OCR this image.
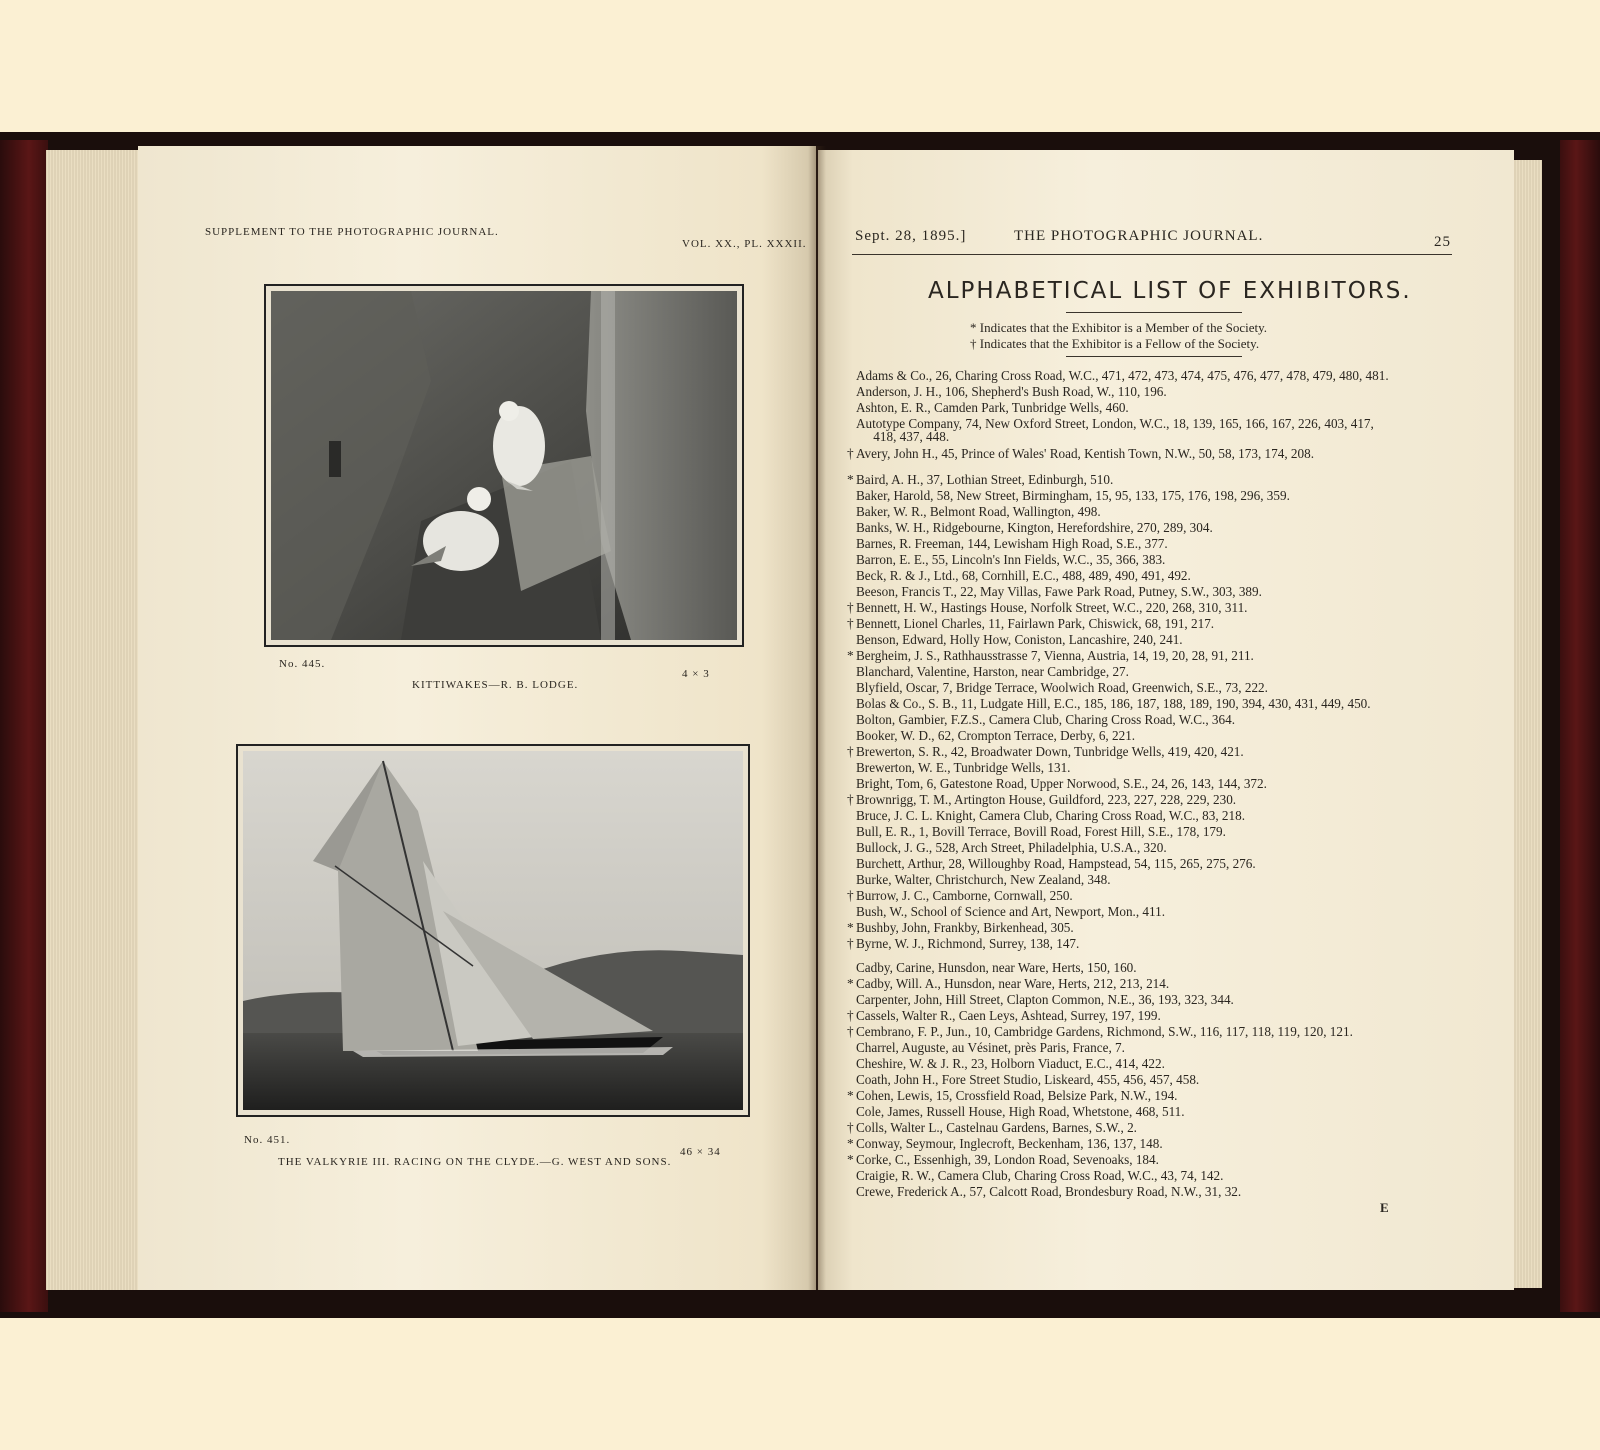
SUPPLEMENT TO THE PHOTOGRAPHIC JOURNAL.
VOL. XX., PL. XXXII.
No. 445.
KITTIWAKES—R. B. LODGE.
4 × 3
No. 451.
THE VALKYRIE III. RACING ON THE CLYDE.—G. WEST AND SONS.
46 × 34
Sept. 28, 1895.]	THE PHOTOGRAPHIC JOURNAL.	25
ALPHABETICAL LIST OF EXHIBITORS.
* Indicates that the Exhibitor is a Member of the Society.
† Indicates that the Exhibitor is a Fellow of the Society.
Adams & Co., 26, Charing Cross Road, W.C., 471, 472, 473, 474, 475, 476, 477, 478, 479, 480, 481.
Anderson, J. H., 106, Shepherd's Bush Road, W., 110, 196.
Ashton, E. R., Camden Park, Tunbridge Wells, 460.
Autotype Company, 74, New Oxford Street, London, W.C., 18, 139, 165, 166, 167, 226, 403, 417,
418, 437, 448.
† Avery, John H., 45, Prince of Wales' Road, Kentish Town, N.W., 50, 58, 173, 174, 208.
* Baird, A. H., 37, Lothian Street, Edinburgh, 510.
Baker, Harold, 58, New Street, Birmingham, 15, 95, 133, 175, 176, 198, 296, 359.
Baker, W. R., Belmont Road, Wallington, 498.
Banks, W. H., Ridgebourne, Kington, Herefordshire, 270, 289, 304.
Barnes, R. Freeman, 144, Lewisham High Road, S.E., 377.
Barron, E. E., 55, Lincoln's Inn Fields, W.C., 35, 366, 383.
Beck, R. & J., Ltd., 68, Cornhill, E.C., 488, 489, 490, 491, 492.
Beeson, Francis T., 22, May Villas, Fawe Park Road, Putney, S.W., 303, 389.
† Bennett, H. W., Hastings House, Norfolk Street, W.C., 220, 268, 310, 311.
† Bennett, Lionel Charles, 11, Fairlawn Park, Chiswick, 68, 191, 217.
Benson, Edward, Holly How, Coniston, Lancashire, 240, 241.
* Bergheim, J. S., Rathhausstrasse 7, Vienna, Austria, 14, 19, 20, 28, 91, 211.
Blanchard, Valentine, Harston, near Cambridge, 27.
Blyfield, Oscar, 7, Bridge Terrace, Woolwich Road, Greenwich, S.E., 73, 222.
Bolas & Co., S. B., 11, Ludgate Hill, E.C., 185, 186, 187, 188, 189, 190, 394, 430, 431, 449, 450.
Bolton, Gambier, F.Z.S., Camera Club, Charing Cross Road, W.C., 364.
Booker, W. D., 62, Crompton Terrace, Derby, 6, 221.
† Brewerton, S. R., 42, Broadwater Down, Tunbridge Wells, 419, 420, 421.
Brewerton, W. E., Tunbridge Wells, 131.
Bright, Tom, 6, Gatestone Road, Upper Norwood, S.E., 24, 26, 143, 144, 372.
† Brownrigg, T. M., Artington House, Guildford, 223, 227, 228, 229, 230.
Bruce, J. C. L. Knight, Camera Club, Charing Cross Road, W.C., 83, 218.
Bull, E. R., 1, Bovill Terrace, Bovill Road, Forest Hill, S.E., 178, 179.
Bullock, J. G., 528, Arch Street, Philadelphia, U.S.A., 320.
Burchett, Arthur, 28, Willoughby Road, Hampstead, 54, 115, 265, 275, 276.
Burke, Walter, Christchurch, New Zealand, 348.
† Burrow, J. C., Camborne, Cornwall, 250.
Bush, W., School of Science and Art, Newport, Mon., 411.
* Bushby, John, Frankby, Birkenhead, 305.
† Byrne, W. J., Richmond, Surrey, 138, 147.
Cadby, Carine, Hunsdon, near Ware, Herts, 150, 160.
* Cadby, Will. A., Hunsdon, near Ware, Herts, 212, 213, 214.
Carpenter, John, Hill Street, Clapton Common, N.E., 36, 193, 323, 344.
† Cassels, Walter R., Caen Leys, Ashtead, Surrey, 197, 199.
† Cembrano, F. P., Jun., 10, Cambridge Gardens, Richmond, S.W., 116, 117, 118, 119, 120, 121.
Charrel, Auguste, au Vésinet, près Paris, France, 7.
Cheshire, W. & J. R., 23, Holborn Viaduct, E.C., 414, 422.
Coath, John H., Fore Street Studio, Liskeard, 455, 456, 457, 458.
* Cohen, Lewis, 15, Crossfield Road, Belsize Park, N.W., 194.
Cole, James, Russell House, High Road, Whetstone, 468, 511.
† Colls, Walter L., Castelnau Gardens, Barnes, S.W., 2.
* Conway, Seymour, Inglecroft, Beckenham, 136, 137, 148.
* Corke, C., Essenhigh, 39, London Road, Sevenoaks, 184.
Craigie, R. W., Camera Club, Charing Cross Road, W.C., 43, 74, 142.
Crewe, Frederick A., 57, Calcott Road, Brondesbury Road, N.W., 31, 32.
E
